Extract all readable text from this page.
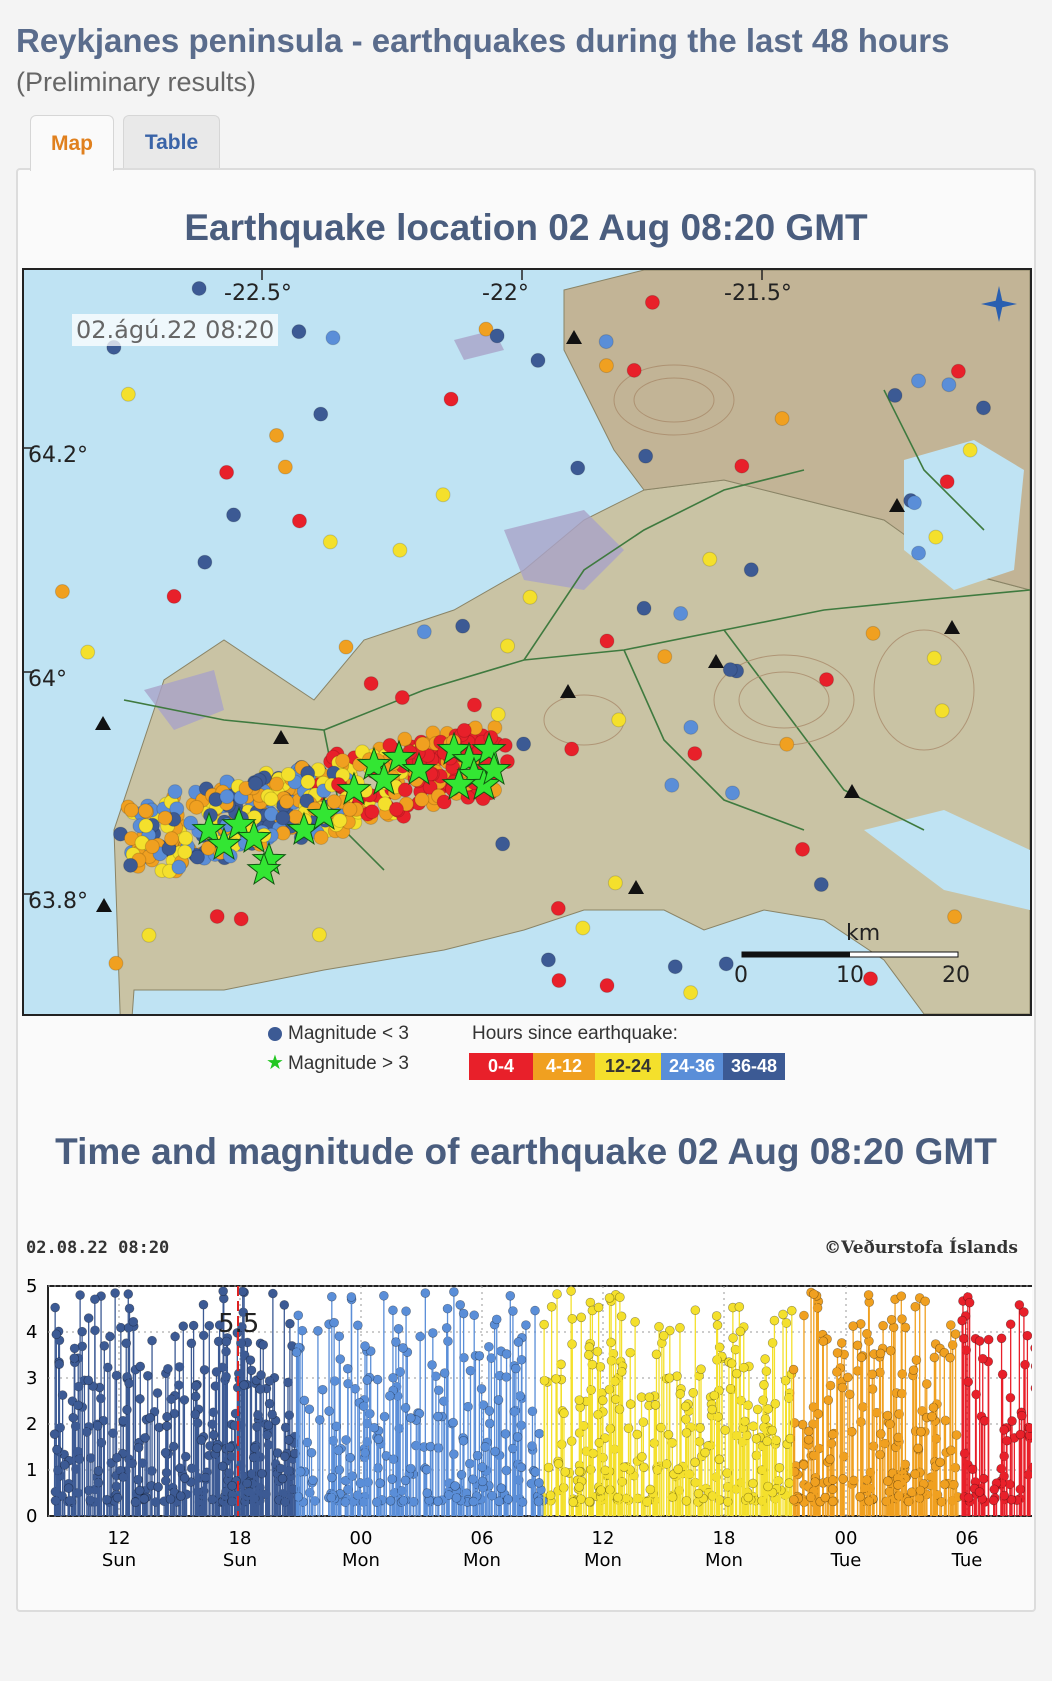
Reykjanes peninsula - earthquakes during the last 48 hours
(Preliminary results)
Map	Table
Earthquake location 02 Aug 08:20 GMT
-22.5°	-22°	-21.5°
64.2°
64°
63.8°
km
0	10	20
02.ágú.22 08:20
Magnitude < 3
★ Magnitude > 3
Hours since earthquake:
0-4	4-12	12-24 24-36 36-48
Time and magnitude of earthquake 02 Aug 08:20 GMT
02.08.22 08:20	©Veðurstofa Íslands
0
1
2
3
4
5
12
Sun
18
Sun
00
Mon
06
Mon
12
Mon
18
Mon
00
Tue
06
Tue
5.5
